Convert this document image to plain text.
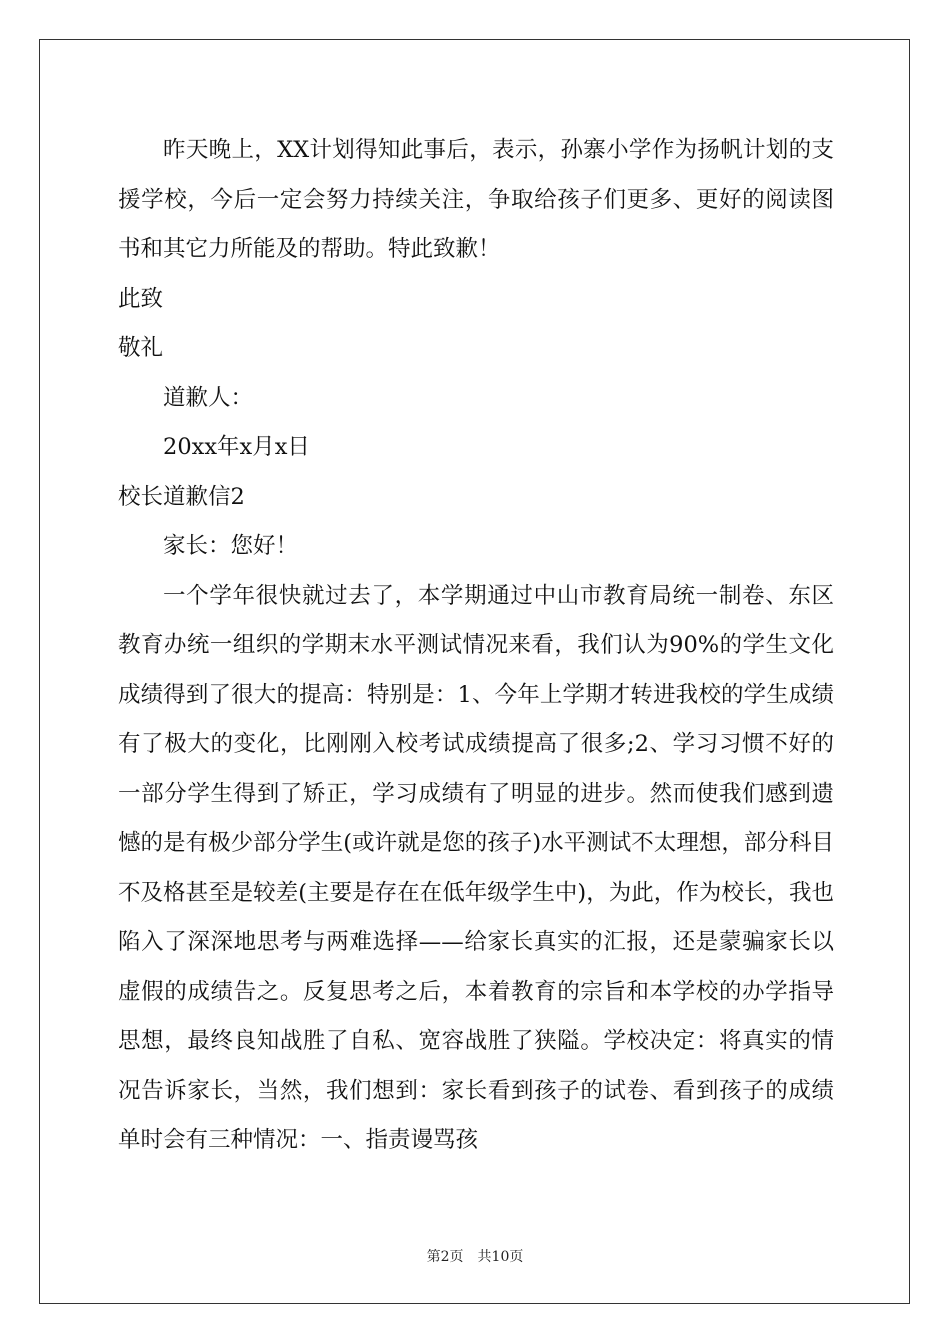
昨天晚上，XX计划得知此事后，表示，孙寨小学作为扬帆计划的支援学校，今后一定会努力持续关注，争取给孩子们更多、更好的阅读图书和其它力所能及的帮助。特此致歉！

此致

敬礼

道歉人：

20xx年x月x日

校长道歉信2

家长：您好！

一个学年很快就过去了，本学期通过中山市教育局统一制卷、东区教育办统一组织的学期末水平测试情况来看，我们认为90%的学生文化成绩得到了很大的提高：特别是：1、今年上学期才转进我校的学生成绩有了极大的变化，比刚刚入校考试成绩提高了很多;2、学习习惯不好的一部分学生得到了矫正，学习成绩有了明显的进步。然而使我们感到遗憾的是有极少部分学生(或许就是您的孩子)水平测试不太理想，部分科目不及格甚至是较差(主要是存在在低年级学生中)，为此，作为校长，我也陷入了深深地思考与两难选择——给家长真实的汇报，还是蒙骗家长以虚假的成绩告之。反复思考之后，本着教育的宗旨和本学校的办学指导思想，最终良知战胜了自私、宽容战胜了狭隘。学校决定：将真实的情况告诉家长，当然，我们想到：家长看到孩子的试卷、看到孩子的成绩单时会有三种情况：一、指责谩骂孩

第2页 共10页
